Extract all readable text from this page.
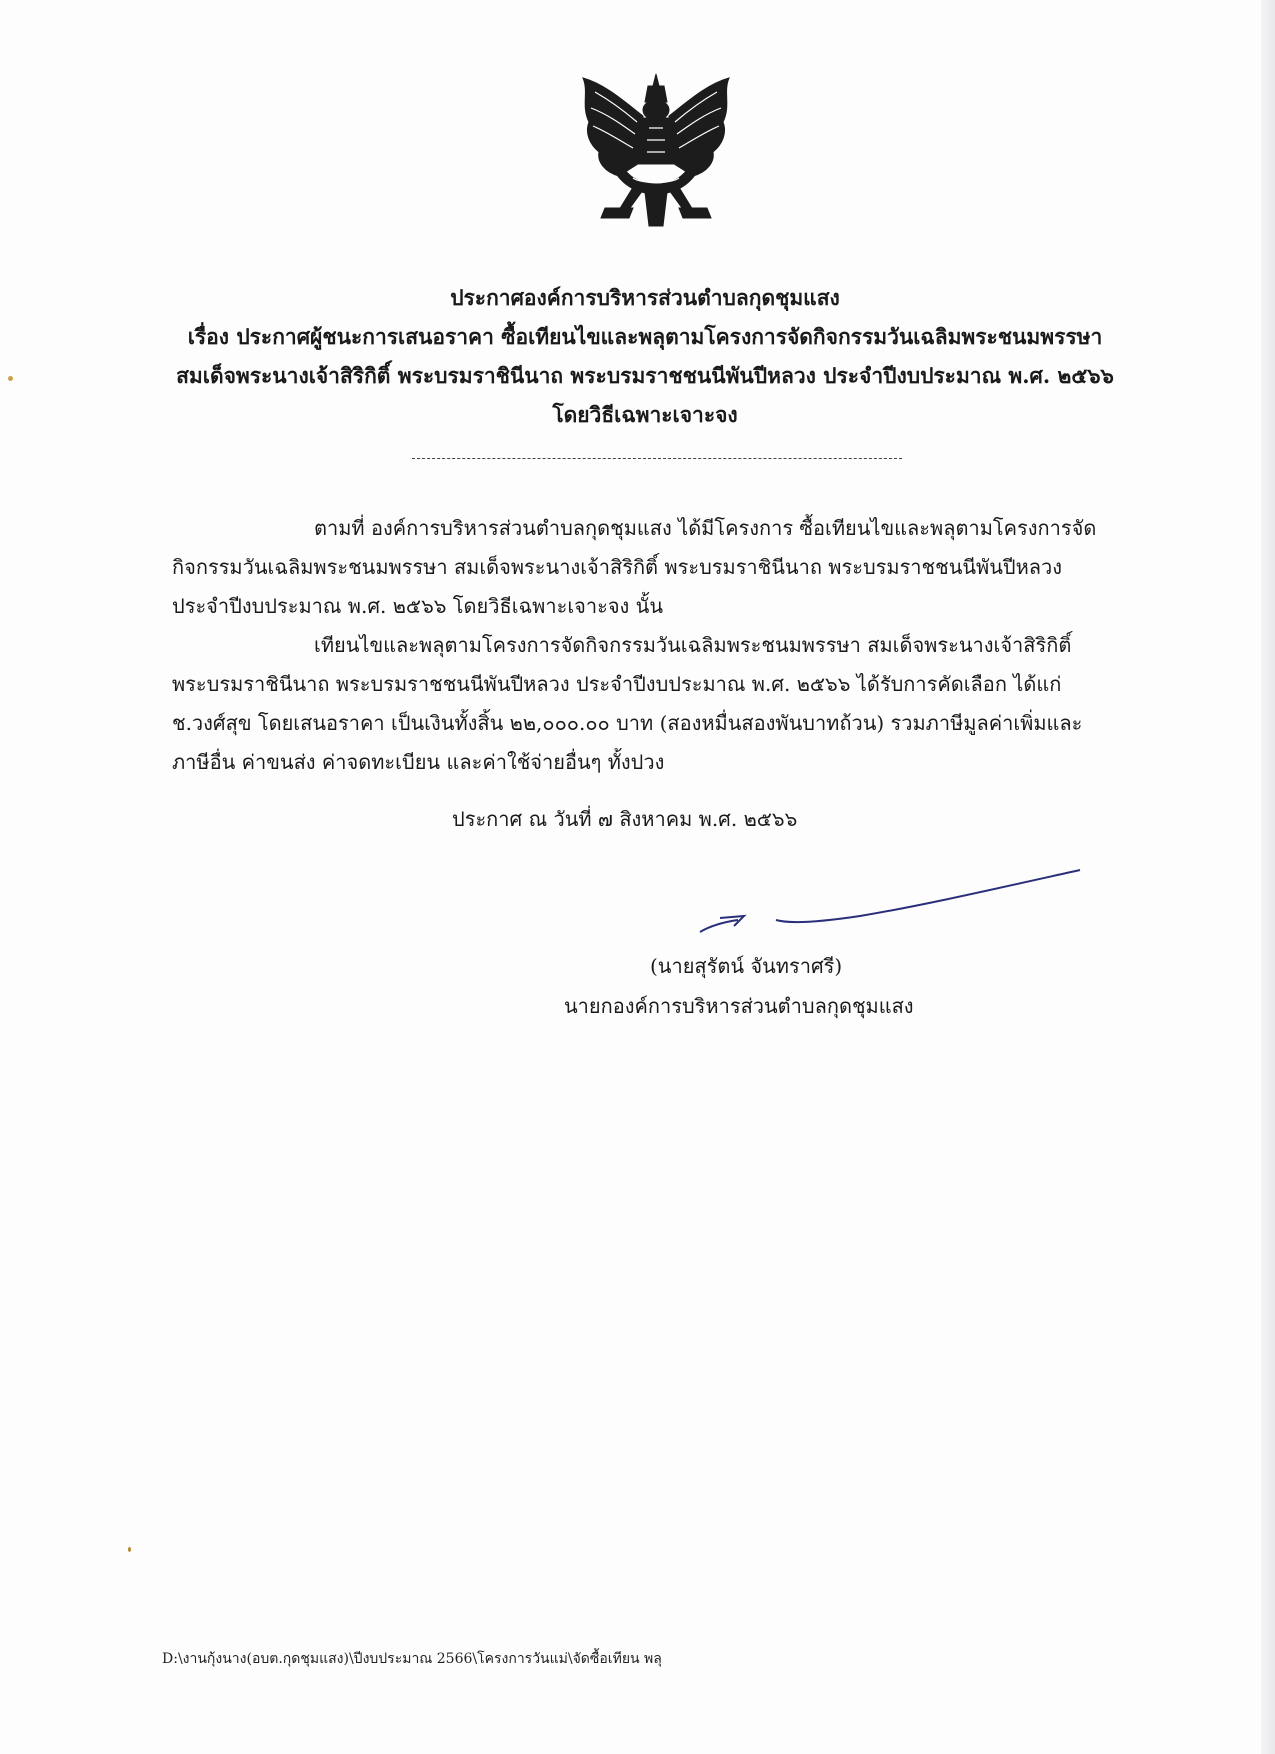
ประกาศองค์การบริหารส่วนตำบลกุดชุมแสง
เรื่อง ประกาศผู้ชนะการเสนอราคา ซื้อเทียนไขและพลุตามโครงการจัดกิจกรรมวันเฉลิมพระชนมพรรษา
สมเด็จพระนางเจ้าสิริกิติ์ พระบรมราชินีนาถ พระบรมราชชนนีพันปีหลวง ประจำปีงบประมาณ พ.ศ. ๒๕๖๖
โดยวิธีเฉพาะเจาะจง
ตามที่ องค์การบริหารส่วนตำบลกุดชุมแสง ได้มีโครงการ ซื้อเทียนไขและพลุตามโครงการจัด
กิจกรรมวันเฉลิมพระชนมพรรษา สมเด็จพระนางเจ้าสิริกิติ์ พระบรมราชินีนาถ พระบรมราชชนนีพันปีหลวง
ประจำปีงบประมาณ พ.ศ. ๒๕๖๖ โดยวิธีเฉพาะเจาะจง นั้น
เทียนไขและพลุตามโครงการจัดกิจกรรมวันเฉลิมพระชนมพรรษา สมเด็จพระนางเจ้าสิริกิติ์
พระบรมราชินีนาถ พระบรมราชชนนีพันปีหลวง ประจำปีงบประมาณ พ.ศ. ๒๕๖๖ ได้รับการคัดเลือก ได้แก่
ช.วงศ์สุข โดยเสนอราคา เป็นเงินทั้งสิ้น ๒๒,๐๐๐.๐๐ บาท (สองหมื่นสองพันบาทถ้วน) รวมภาษีมูลค่าเพิ่มและ
ภาษีอื่น ค่าขนส่ง ค่าจดทะเบียน และค่าใช้จ่ายอื่นๆ ทั้งปวง
ประกาศ ณ วันที่ ๗ สิงหาคม พ.ศ. ๒๕๖๖
(นายสุรัตน์ จันทราศรี)
นายกองค์การบริหารส่วนตำบลกุดชุมแสง
D:\งานกุ้งนาง(อบต.กุดชุมแสง)\ปีงบประมาณ 2566\โครงการวันแม่\จัดซื้อเทียน พลุ
